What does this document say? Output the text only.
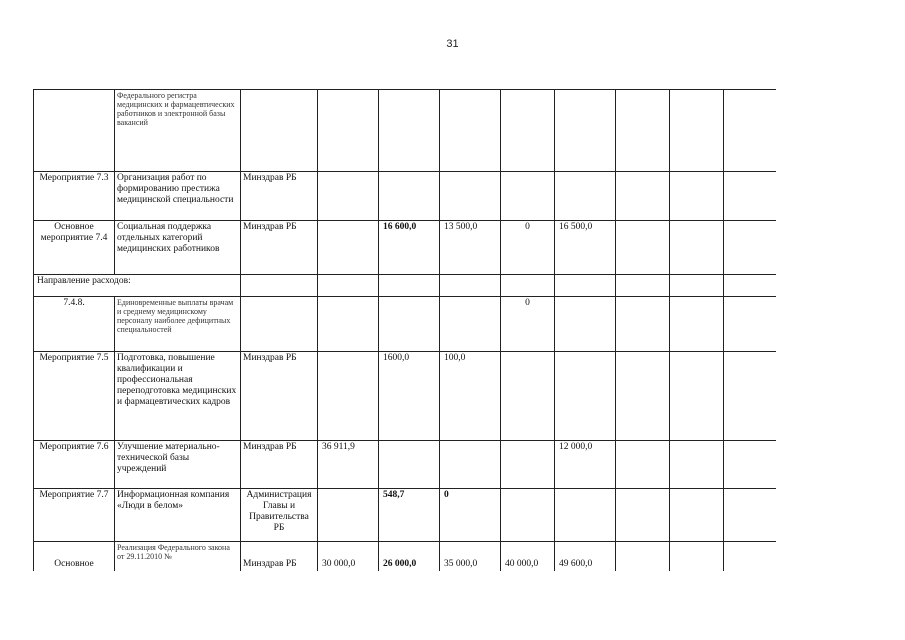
31
	Федерального регистра медицинских и фармацевтических работников и электронной базы вакансий									
Мероприятие 7.3	Организация работ по формированию престижа медицинской специальности	Минздрав РБ								
Основное мероприятие 7.4	Социальная поддержка отдельных категорий медицинских работников	Минздрав РБ		16 600,0	13 500,0	0	16 500,0			
Направление расходов:										
7.4.8.	Единовременные выплаты врачам и среднему медицинскому персоналу наиболее дефицитных специальностей					0				
Мероприятие 7.5	Подготовка, повышение квалификации и профессиональная переподготовка медицинских и фармацевтических кадров	Минздрав РБ		1600,0	100,0					
Мероприятие 7.6	Улучшение материально-технической базы учреждений	Минздрав РБ	36 911,9				12 000,0			
Мероприятие 7.7	Информационная компания «Люди в белом»	Администрация Главы и Правительства РБ		548,7	0					
Основное	Реализация Федерального закона от 29.11.2010 №	Минздрав РБ	30 000,0	26 000,0	35 000,0	40 000,0	49 600,0			
